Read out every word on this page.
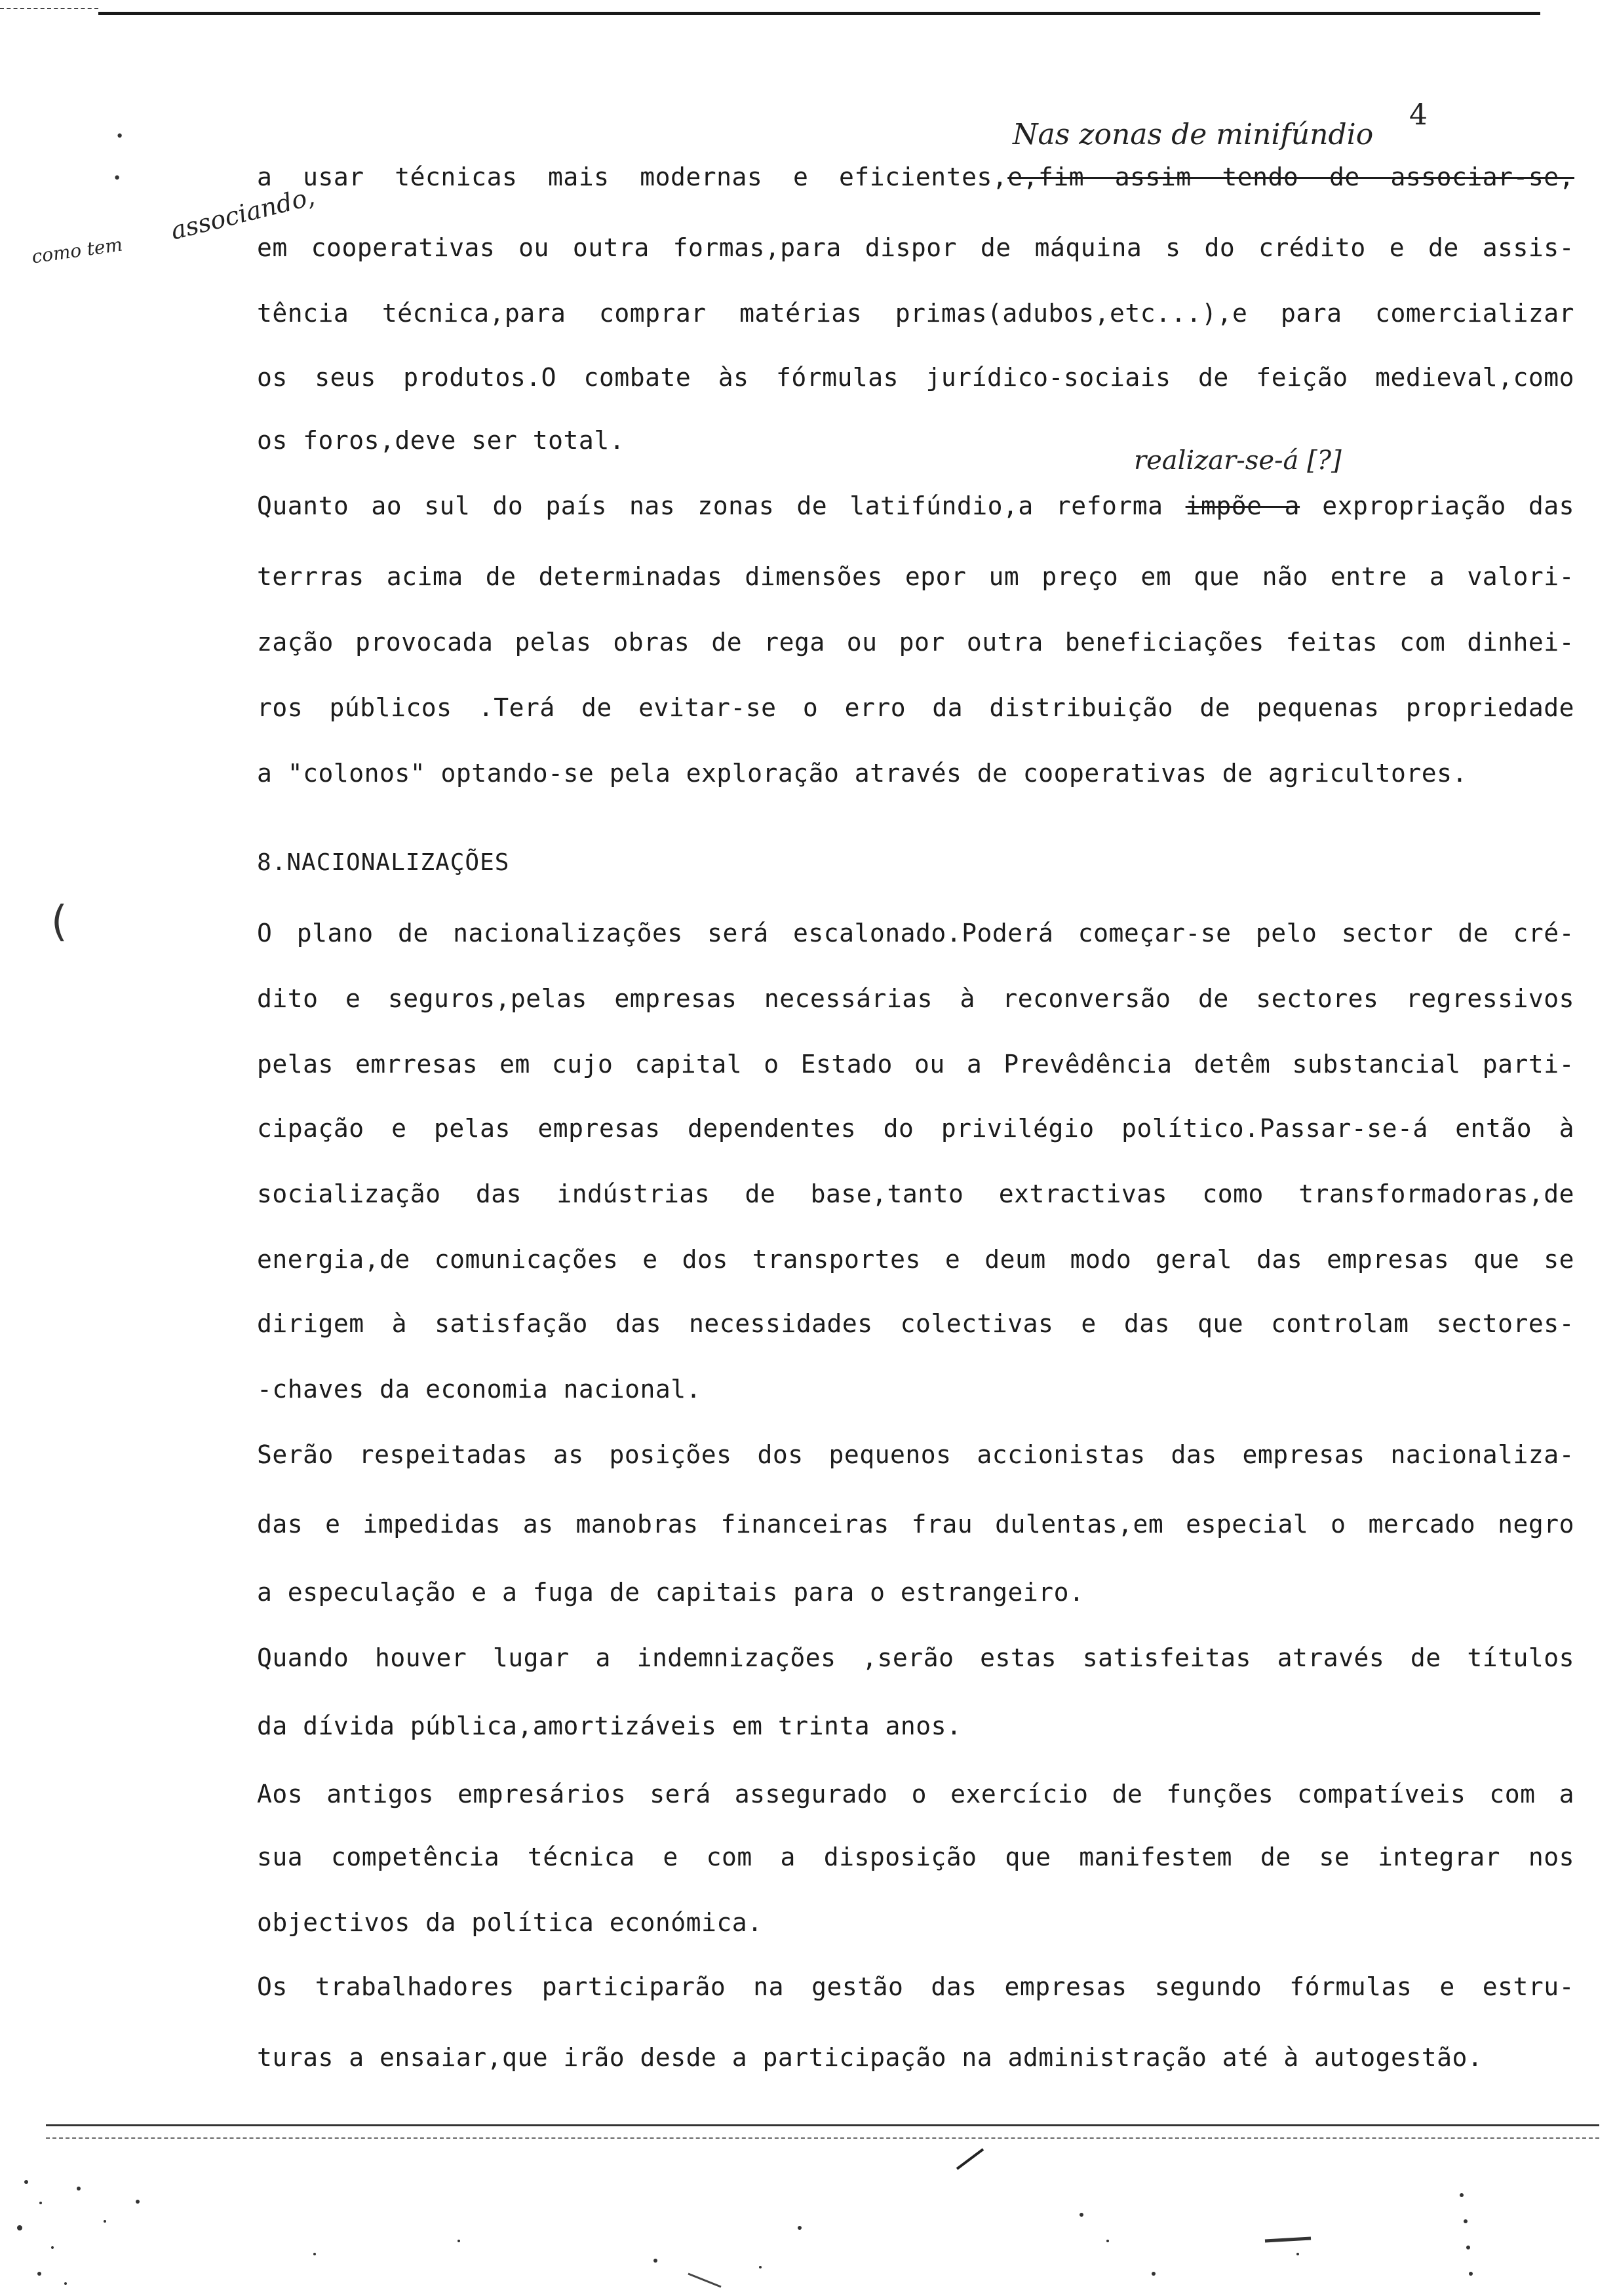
4
Nas zonas de minifúndio
associando,
como tem
realizar-se-á [?]
•
•
(
a usar técnicas mais modernas e eficientes,e,fim assim tendo de associar-se,
em cooperativas ou outra formas,para dispor de máquina s do crédito e de assis-
tência técnica,para comprar matérias primas(adubos,etc...),e para comercializar
os seus produtos.O combate às fórmulas jurídico-sociais de feição medieval,como
os foros,deve ser total.
Quanto ao sul do país nas zonas de latifúndio,a reforma impõe a expropriação das
terrras acima de determinadas dimensões epor um preço em que não entre a valori-
zação provocada pelas obras de rega ou por outra beneficiações feitas com dinhei-
ros públicos .Terá de evitar-se o erro da distribuição de pequenas propriedade
a "colonos" optando-se pela exploração através de cooperativas de agricultores.
8.NACIONALIZAÇÕES
O plano de nacionalizações será escalonado.Poderá começar-se pelo sector de cré-
dito e seguros,pelas empresas necessárias à reconversão de sectores regressivos
pelas emrresas em cujo capital o Estado ou a Prevêdência detêm substancial parti-
cipação e pelas empresas dependentes do privilégio político.Passar-se-á então à
socialização das indústrias de base,tanto extractivas como transformadoras,de
energia,de comunicações e dos transportes e deum modo geral das empresas que se
dirigem à satisfação das necessidades colectivas e das que controlam sectores-
-chaves da economia nacional.
Serão respeitadas as posições dos pequenos accionistas das empresas nacionaliza-
das e impedidas as manobras financeiras frau dulentas,em especial o mercado negro
a especulação e a fuga de capitais para o estrangeiro.
Quando houver lugar a indemnizações ,serão estas satisfeitas através de títulos
da dívida pública,amortizáveis em trinta anos.
Aos antigos empresários será assegurado o exercício de funções compatíveis com a
sua competência técnica e com a disposição que manifestem de se integrar nos
objectivos da política económica.
Os trabalhadores participarão na gestão das empresas segundo fórmulas e estru-
turas a ensaiar,que irão desde a participação na administração até à autogestão.
